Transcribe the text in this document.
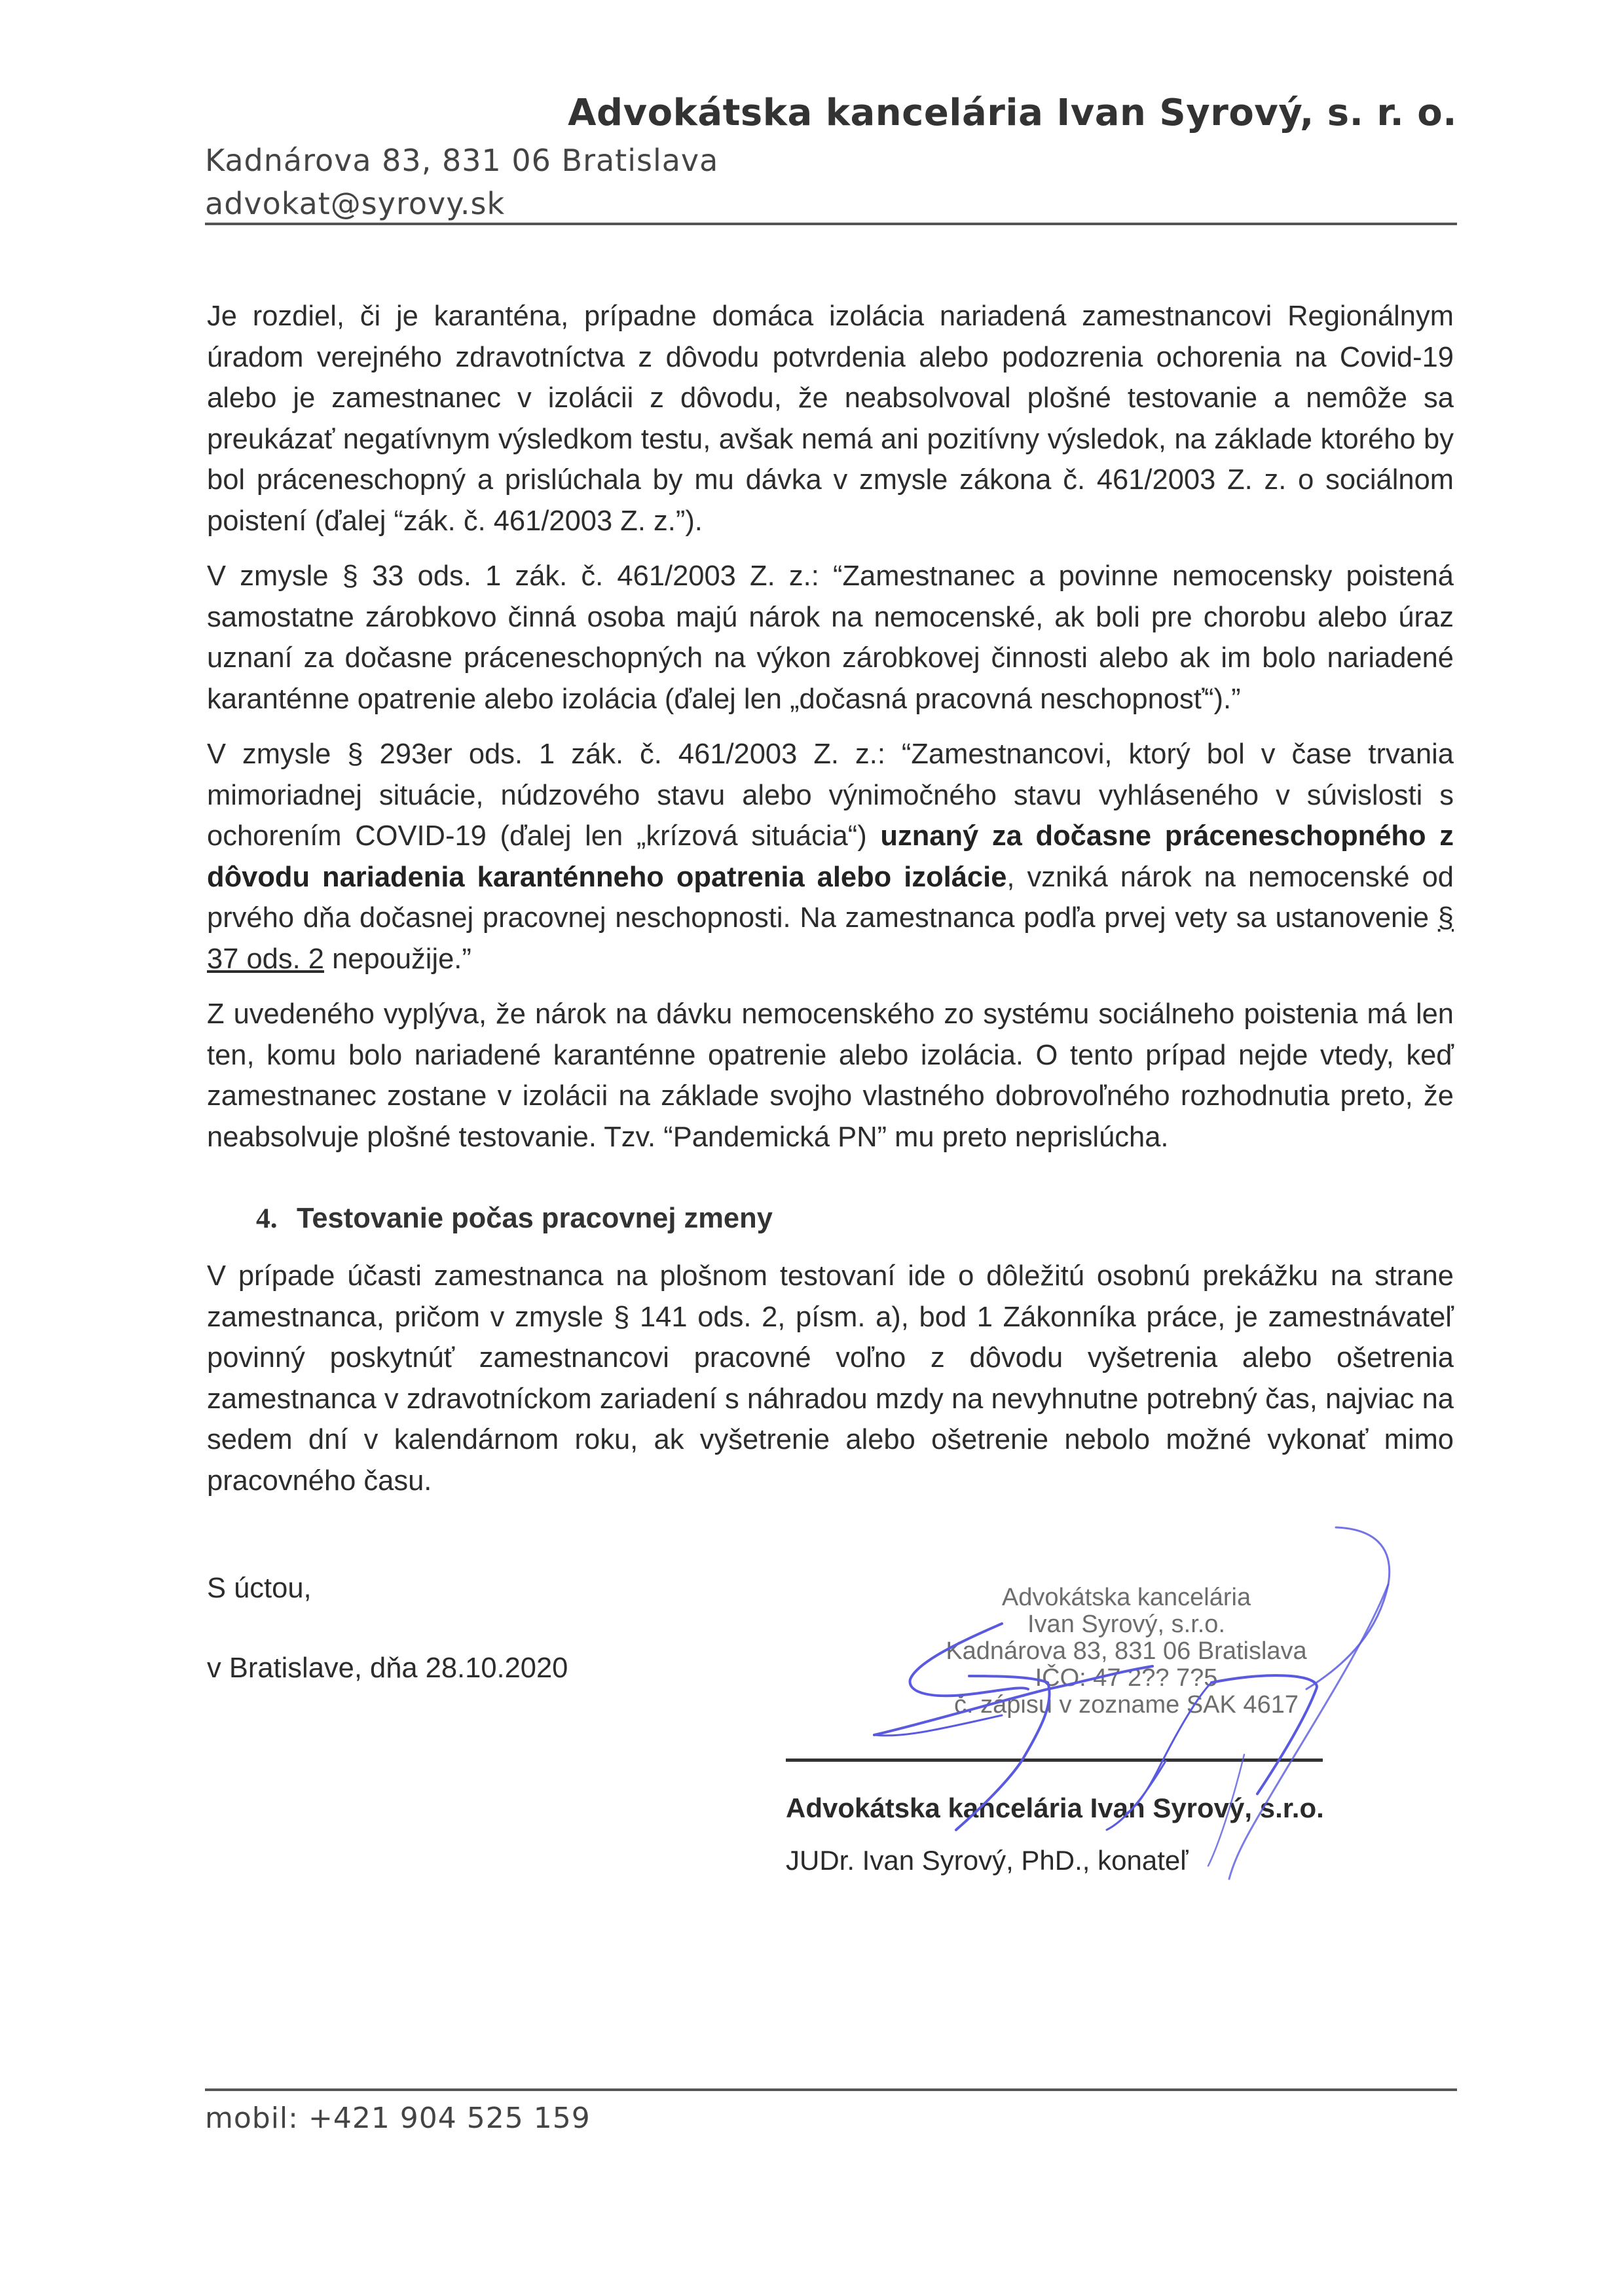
Advokátska kancelária Ivan Syrový, s. r. o.
Kadnárova 83, 831 06 Bratislava
advokat@syrovy.sk

Je rozdiel, či je karanténa, prípadne domáca izolácia nariadená zamestnancovi Regionálnym úradom verejného zdravotníctva z dôvodu potvrdenia alebo podozrenia ochorenia na Covid-19 alebo je zamestnanec v izolácii z dôvodu, že neabsolvoval plošné testovanie a nemôže sa preukázať negatívnym výsledkom testu, avšak nemá ani pozitívny výsledok, na základe ktorého by bol práceneschopný a prislúchala by mu dávka v zmysle zákona č. 461/2003 Z. z. o sociálnom poistení (ďalej “zák. č. 461/2003 Z. z.”).

V zmysle § 33 ods. 1 zák. č. 461/2003 Z. z.: “Zamestnanec a povinne nemocensky poistená samostatne zárobkovo činná osoba majú nárok na nemocenské, ak boli pre chorobu alebo úraz uznaní za dočasne práceneschopných na výkon zárobkovej činnosti alebo ak im bolo nariadené karanténne opatrenie alebo izolácia (ďalej len „dočasná pracovná neschopnosť“).”

V zmysle § 293er ods. 1 zák. č. 461/2003 Z. z.: “Zamestnancovi, ktorý bol v čase trvania mimoriadnej situácie, núdzového stavu alebo výnimočného stavu vyhláseného v súvislosti s ochorením COVID-19 (ďalej len „krízová situácia“) uznaný za dočasne práceneschopného z dôvodu nariadenia karanténneho opatrenia alebo izolácie, vzniká nárok na nemocenské od prvého dňa dočasnej pracovnej neschopnosti. Na zamestnanca podľa prvej vety sa ustanovenie § 37 ods. 2 nepoužije.”

Z uvedeného vyplýva, že nárok na dávku nemocenského zo systému sociálneho poistenia má len ten, komu bolo nariadené karanténne opatrenie alebo izolácia. O tento prípad nejde vtedy, keď zamestnanec zostane v izolácii na základe svojho vlastného dobrovoľného rozhodnutia preto, že neabsolvuje plošné testovanie. Tzv. “Pandemická PN” mu preto neprislúcha.

4. Testovanie počas pracovnej zmeny

V prípade účasti zamestnanca na plošnom testovaní ide o dôležitú osobnú prekážku na strane zamestnanca, pričom v zmysle § 141 ods. 2, písm. a), bod 1 Zákonníka práce, je zamestnávateľ povinný poskytnúť zamestnancovi pracovné voľno z dôvodu vyšetrenia alebo ošetrenia zamestnanca v zdravotníckom zariadení s náhradou mzdy na nevyhnutne potrebný čas, najviac na sedem dní v kalendárnom roku, ak vyšetrenie alebo ošetrenie nebolo možné vykonať mimo pracovného času.

S úctou,
v Bratislave, dňa 28.10.2020
Advokátska kancelária
Ivan Syrový, s.r.o.
Kadnárova 83, 831 06 Bratislava
IČO: 47 2?? 7?5
č. zápisu v zozname SAK 4617
Advokátska kancelária Ivan Syrový, s.r.o.
JUDr. Ivan Syrový, PhD., konateľ
mobil: +421 904 525 159
